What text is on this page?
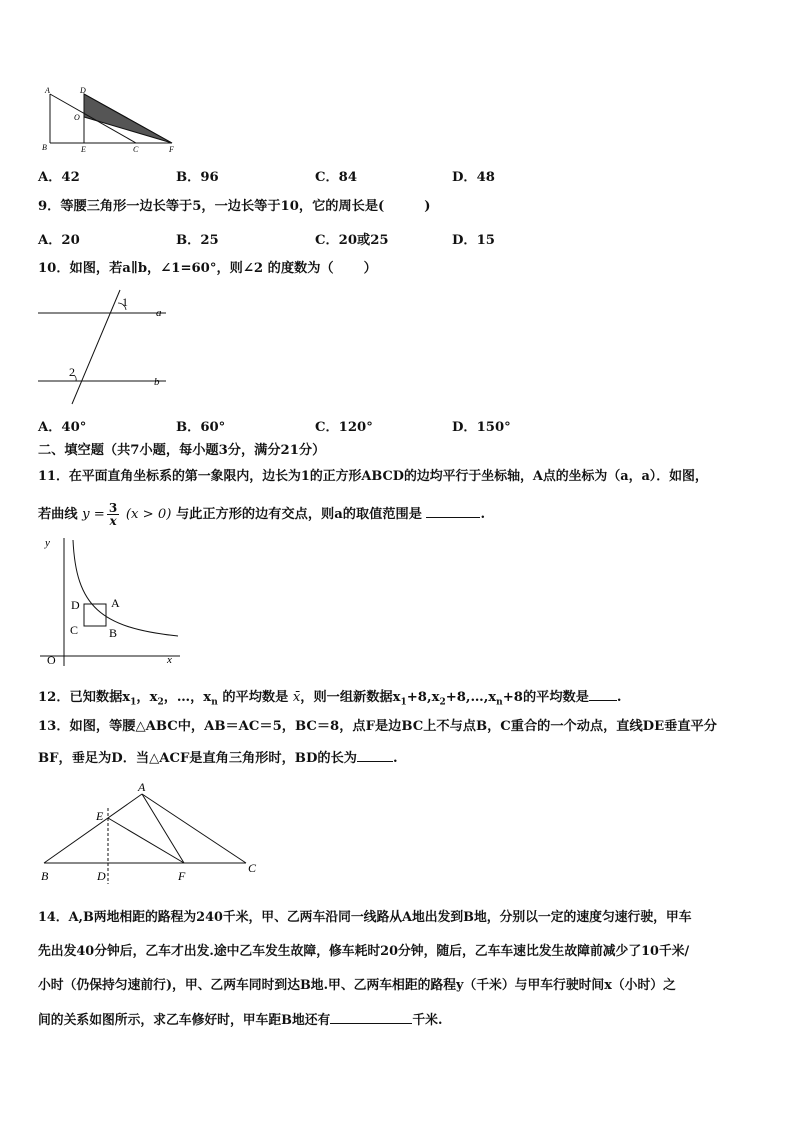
A	D
O
B	E	C	F
A．42	B．96	C．84	D．48
9．等腰三角形一边长等于5，一边长等于10，它的周长是(	)
A．20	B．25	C．20或25	D．15
10．如图，若a∥b，∠1=60°，则∠2 的度数为（ ）
1
a
2
b
A．40°	B．60°	C．120°	D．150°
二、填空题（共7小题，每小题3分，满分21分）
11．在平面直角坐标系的第一象限内，边长为1的正方形ABCD的边均平行于坐标轴，A点的坐标为（a，a）．如图，
若曲线 $y = \frac{3}{x} (x > 0)$ 与此正方形的边有交点，则a的取值范围是	.
y
D	A
C	B
O	x
12．已知数据$x_1$，$x_2$，…，$x_n$ 的平均数是 x̄，则一组新数据$x_1+8,x_2+8,\dots,x_n+8$的平均数是 .
13．如图，等腰△ABC中，AB＝AC＝5，BC＝8，点F是边BC上不与点B，C重合的一个动点，直线DE垂直平分
BF，垂足为D．当△ACF是直角三角形时，BD的长为	.
A
E
B	D	F
C
14．A,B两地相距的路程为240千米，甲、乙两车沿同一线路从A地出发到B地，分别以一定的速度匀速行驶，甲车
先出发40分钟后，乙车才出发.途中乙车发生故障，修车耗时20分钟，随后，乙车车速比发生故障前减少了10千米/
小时（仍保持匀速前行)，甲、乙两车同时到达B地.甲、乙两车相距的路程y（千米）与甲车行驶时间x（小时）之
间的关系如图所示，求乙车修好时，甲车距B地还有	千米.
